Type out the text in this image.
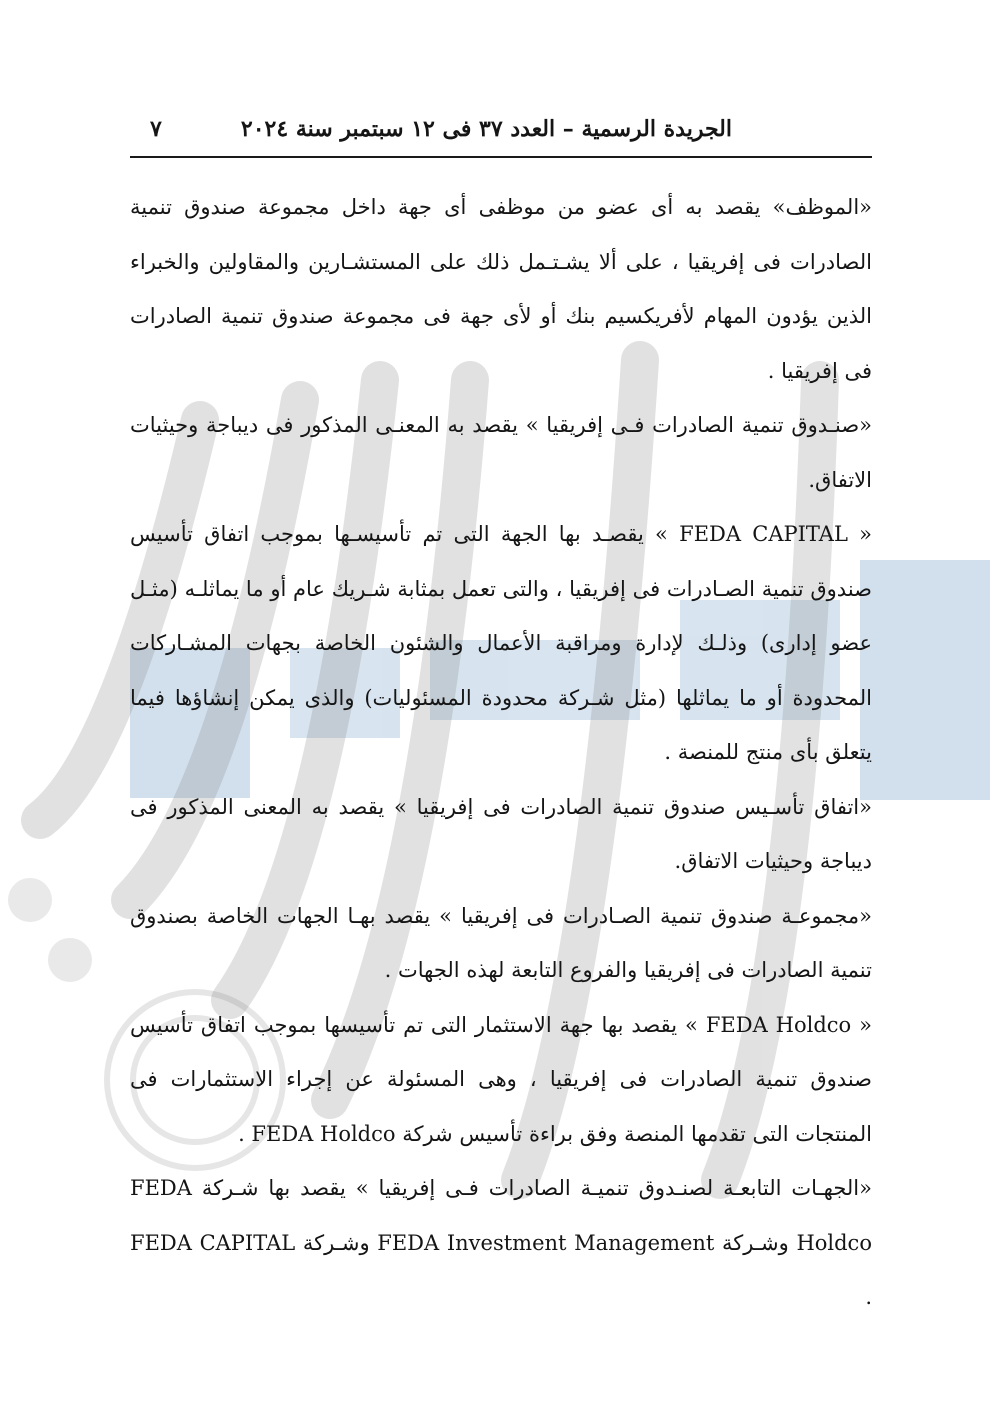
الجريدة الرسمية – العدد ٣٧ فى ١٢ سبتمبر سنة ٢٠٢٤
٧

«الموظف» يقصد به أى عضو من موظفى أى جهة داخل مجموعة صندوق تنمية الصادرات فى إفريقيا ، على ألا يشـتـمل ذلك على المستشـارين والمقاولين والخبراء الذين يؤدون المهام لأفريكسيم بنك أو لأى جهة فى مجموعة صندوق تنمية الصادرات فى إفريقيا .

«صنـدوق تنمية الصادرات فـى إفريقيا » يقصد به المعنـى المذكور فى ديباجة وحيثيات الاتفاق.

« FEDA CAPITAL » يقصـد بها الجهة التى تم تأسيسـها بموجب اتفاق تأسيس صندوق تنمية الصـادرات فى إفريقيا ، والتى تعمل بمثابة شـريك عام أو ما يماثلـه (مثـل عضو إدارى) وذلـك لإدارة ومراقبة الأعمال والشئون الخاصة بجهات المشـاركات المحدودة أو ما يماثلها (مثل شـركة محدودة المسئوليات) والذى يمكن إنشاؤها فيما يتعلق بأى منتج للمنصة .

«اتفاق تأسـيس صندوق تنمية الصادرات فى إفريقيا » يقصد به المعنى المذكور فى ديباجة وحيثيات الاتفاق.

«مجموعـة صندوق تنمية الصـادرات فى إفريقيا » يقصد بهـا الجهات الخاصة بصندوق تنمية الصادرات فى إفريقيا والفروع التابعة لهذه الجهات .

« FEDA Holdco » يقصد بها جهة الاستثمار التى تم تأسيسها بموجب اتفاق تأسيس صندوق تنمية الصادرات فى إفريقيا ، وهى المسئولة عن إجراء الاستثمارات فى المنتجات التى تقدمها المنصة وفق براءة تأسيس شركة FEDA Holdco .

«الجهـات التابعـة لصنـدوق تنميـة الصادرات فـى إفريقيا » يقصد بها شـركة FEDA Holdco وشـركة FEDA Investment Management وشـركة FEDA CAPITAL .
